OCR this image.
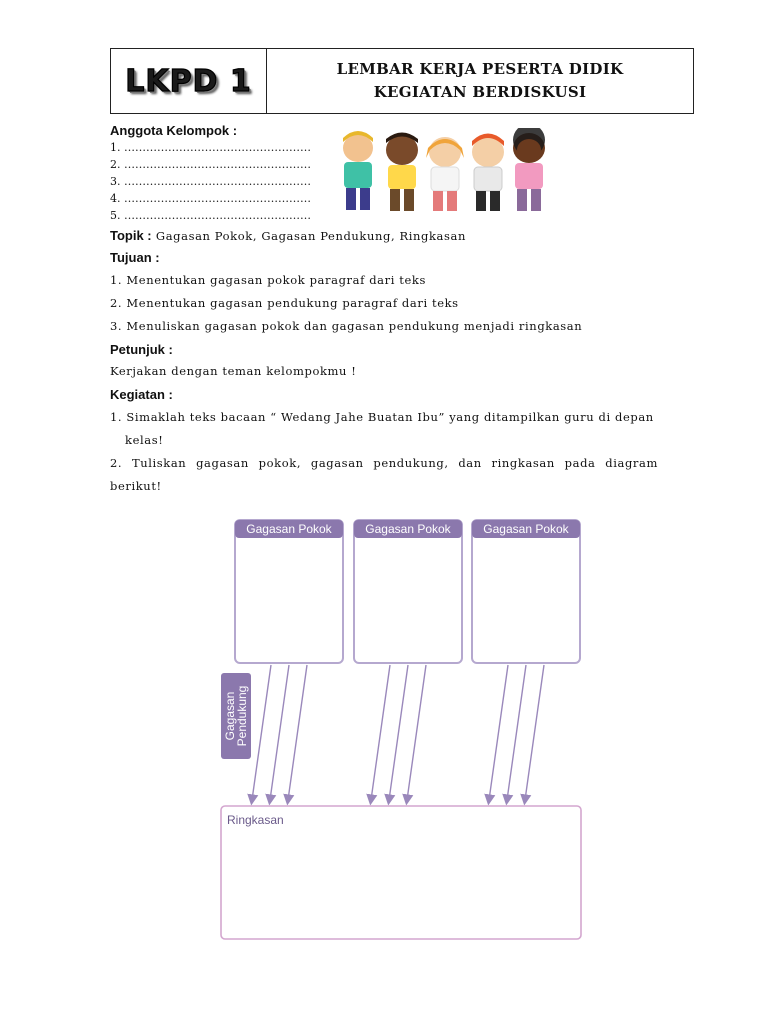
LKPD 1	LEMBAR KERJA PESERTA DIDIK
KEGIATAN BERDISKUSI
Anggota Kelompok :
1. ……………………………………………
2. ……………………………………………
3. ……………………………………………
4. ……………………………………………
5. ……………………………………………
Topik : Gagasan Pokok, Gagasan Pendukung, Ringkasan
Tujuan :
1. Menentukan gagasan pokok paragraf dari teks
2. Menentukan gagasan pendukung paragraf dari teks
3. Menuliskan gagasan pokok dan gagasan pendukung menjadi ringkasan
Petunjuk :
Kerjakan dengan teman kelompokmu !
Kegiatan :
1. Simaklah teks bacaan “ Wedang Jahe Buatan Ibu” yang ditampilkan guru di depan
kelas!
2. Tuliskan gagasan pokok, gagasan pendukung, dan ringkasan pada diagram
berikut!
Gagasan Pokok	Gagasan Pokok	Gagasan Pokok
Gagasan
Pendukung
Ringkasan
